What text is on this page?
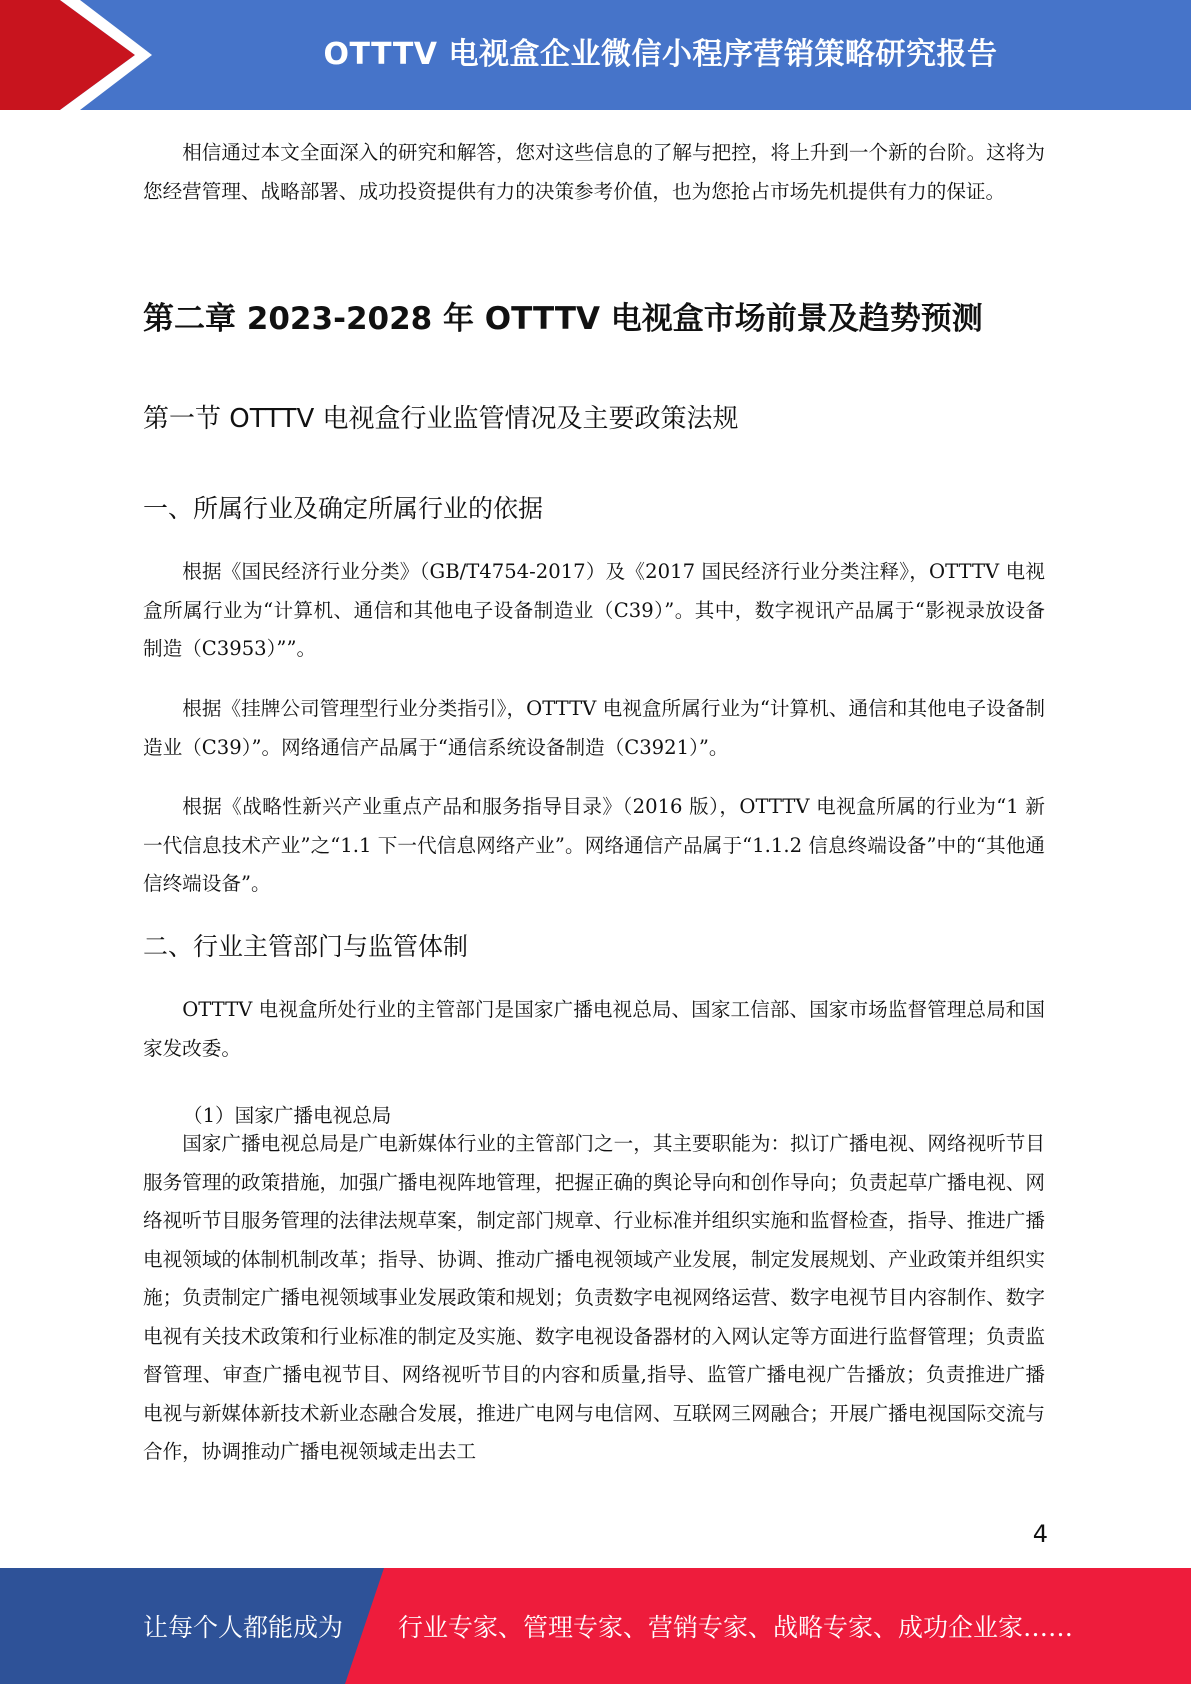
OTTTV 电视盒企业微信小程序营销策略研究报告

相信通过本文全面深入的研究和解答，您对这些信息的了解与把控，将上升到一个新的台阶。这将为您经营管理、战略部署、成功投资提供有力的决策参考价值，也为您抢占市场先机提供有力的保证。

第二章 2023-2028 年 OTTTV 电视盒市场前景及趋势预测
第一节 OTTTV 电视盒行业监管情况及主要政策法规
一、所属行业及确定所属行业的依据

根据《国民经济行业分类》（GB/T4754-2017）及《2017 国民经济行业分类注释》，OTTTV 电视盒所属行业为“计算机、通信和其他电子设备制造业（C39）”。其中，数字视讯产品属于“影视录放设备制造（C3953）””。

根据《挂牌公司管理型行业分类指引》，OTTTV 电视盒所属行业为“计算机、通信和其他电子设备制造业（C39）”。网络通信产品属于“通信系统设备制造（C3921）”。

根据《战略性新兴产业重点产品和服务指导目录》（2016 版），OTTTV 电视盒所属的行业为“1 新一代信息技术产业”之“1.1 下一代信息网络产业”。网络通信产品属于“1.1.2 信息终端设备”中的“其他通信终端设备”。

二、行业主管部门与监管体制

OTTTV 电视盒所处行业的主管部门是国家广播电视总局、国家工信部、国家市场监督管理总局和国家发改委。

（1）国家广播电视总局

国家广播电视总局是广电新媒体行业的主管部门之一，其主要职能为：拟订广播电视、网络视听节目服务管理的政策措施，加强广播电视阵地管理，把握正确的舆论导向和创作导向；负责起草广播电视、网络视听节目服务管理的法律法规草案，制定部门规章、行业标准并组织实施和监督检查，指导、推进广播电视领域的体制机制改革；指导、协调、推动广播电视领域产业发展，制定发展规划、产业政策并组织实施；负责制定广播电视领域事业发展政策和规划；负责数字电视网络运营、数字电视节目内容制作、数字电视有关技术政策和行业标准的制定及实施、数字电视设备器材的入网认定等方面进行监督管理；负责监督管理、审查广播电视节目、网络视听节目的内容和质量,指导、监管广播电视广告播放；负责推进广播电视与新媒体新技术新业态融合发展，推进广电网与电信网、互联网三网融合；开展广播电视国际交流与合作，协调推动广播电视领域走出去工

4
让每个人都能成为 行业专家、管理专家、营销专家、战略专家、成功企业家……
